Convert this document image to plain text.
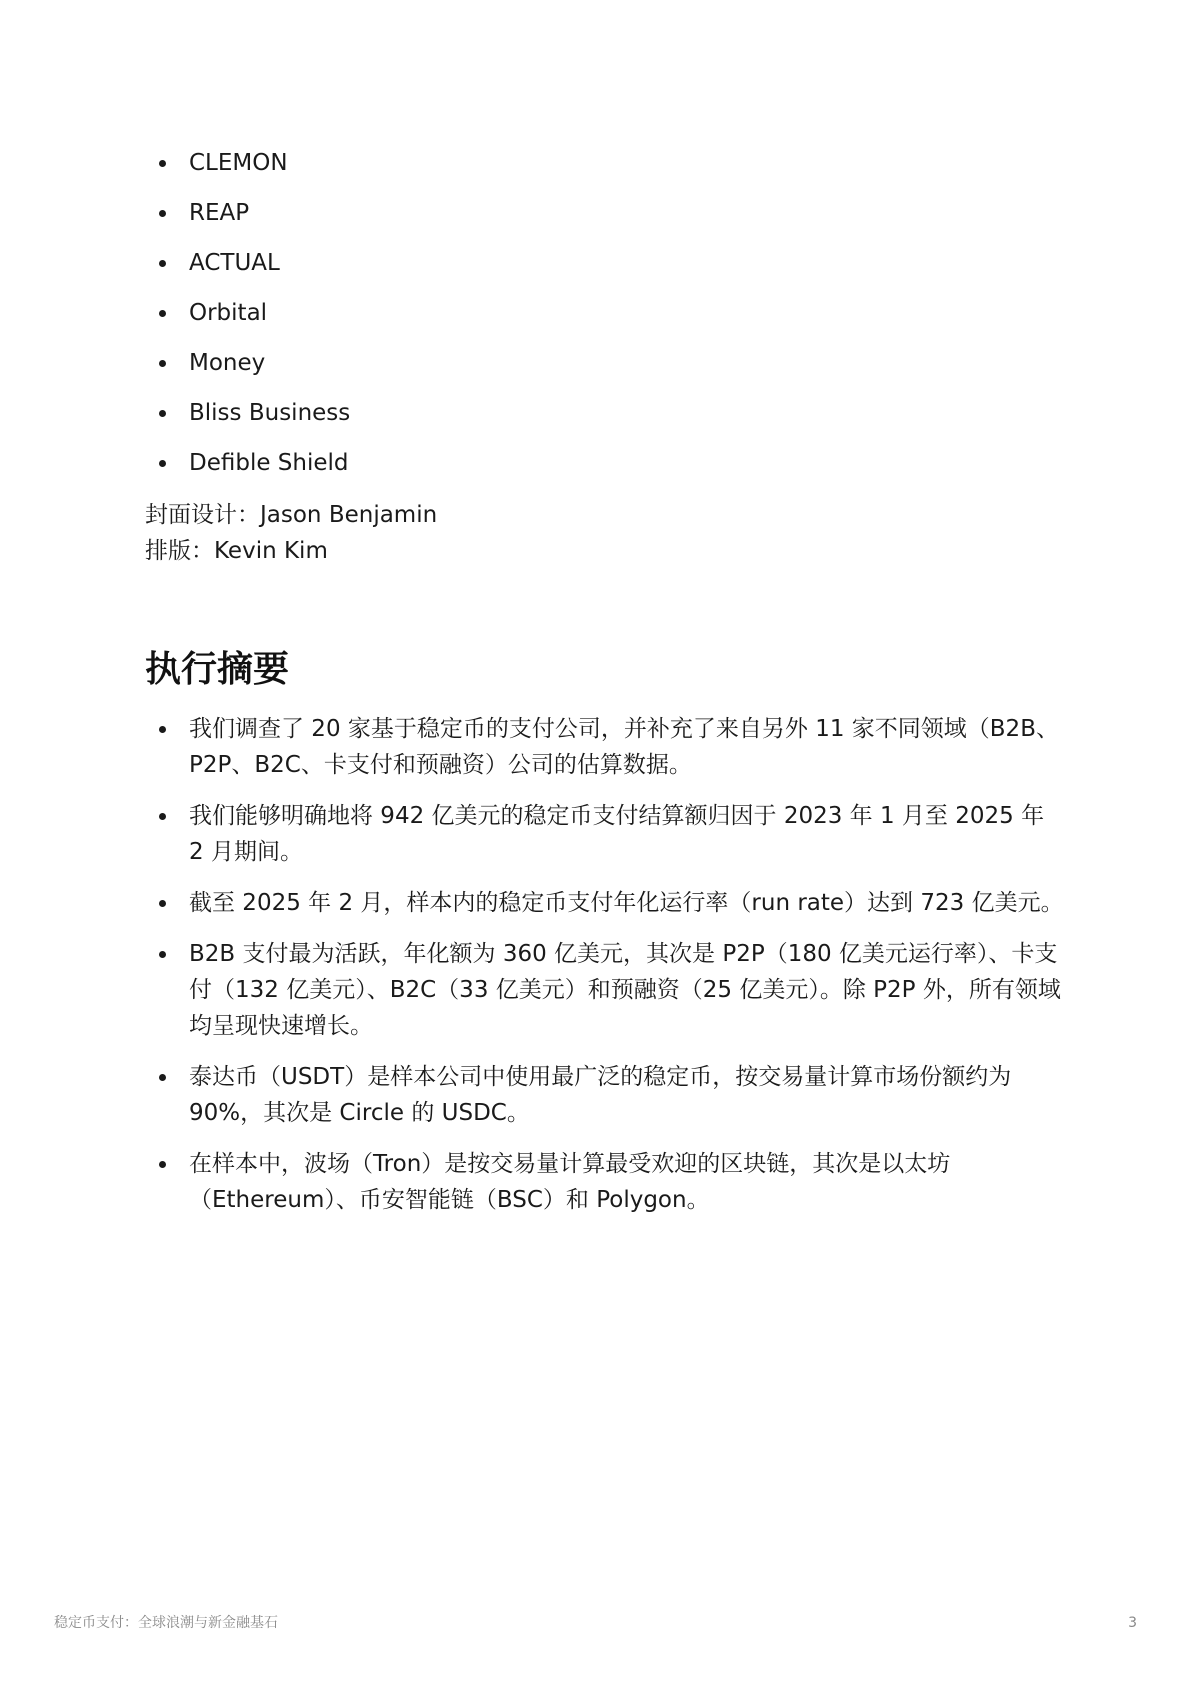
CLEMON
REAP
ACTUAL
Orbital
Money
Bliss Business
Defible Shield
封面设计：Jason Benjamin
排版：Kevin Kim
执行摘要
我们调查了 20 家基于稳定币的支付公司，并补充了来自另外 11 家不同领域（B2B、P2P、B2C、卡支付和预融资）公司的估算数据。
我们能够明确地将 942 亿美元的稳定币支付结算额归因于 2023 年 1 月至 2025 年 2 月期间。
截至 2025 年 2 月，样本内的稳定币支付年化运行率（run rate）达到 723 亿美元。
B2B 支付最为活跃，年化额为 360 亿美元，其次是 P2P（180 亿美元运行率）、卡支付（132 亿美元）、B2C（33 亿美元）和预融资（25 亿美元）。除 P2P 外，所有领域均呈现快速增长。
泰达币（USDT）是样本公司中使用最广泛的稳定币，按交易量计算市场份额约为 90%，其次是 Circle 的 USDC。
在样本中，波场（Tron）是按交易量计算最受欢迎的区块链，其次是以太坊（Ethereum）、币安智能链（BSC）和 Polygon。
稳定币支付：全球浪潮与新金融基石	3
